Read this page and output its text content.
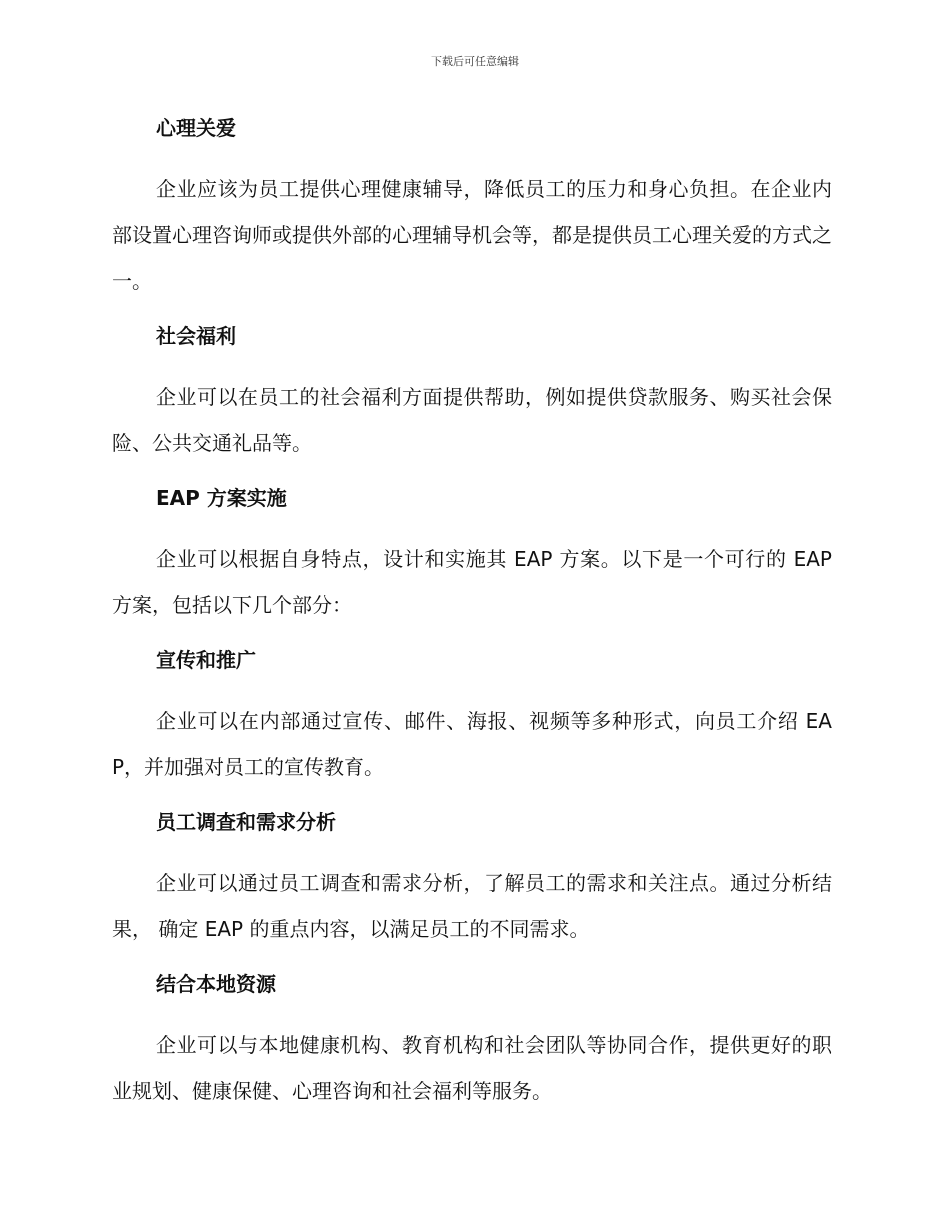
下载后可任意编辑
心理关爱

企业应该为员工提供心理健康辅导，降低员工的压力和身心负担。在企业内部设置心理咨询师或提供外部的心理辅导机会等，都是提供员工心理关爱的方式之一。

社会福利

企业可以在员工的社会福利方面提供帮助，例如提供贷款服务、购买社会保险、公共交通礼品等。

EAP 方案实施

企业可以根据自身特点，设计和实施其 EAP 方案。以下是一个可行的 EAP 方案，包括以下几个部分：

宣传和推广

企业可以在内部通过宣传、邮件、海报、视频等多种形式，向员工介绍 EAP，并加强对员工的宣传教育。

员工调查和需求分析

企业可以通过员工调查和需求分析，了解员工的需求和关注点。通过分析结果， 确定 EAP 的重点内容，以满足员工的不同需求。

结合本地资源

企业可以与本地健康机构、教育机构和社会团队等协同合作，提供更好的职业规划、健康保健、心理咨询和社会福利等服务。
